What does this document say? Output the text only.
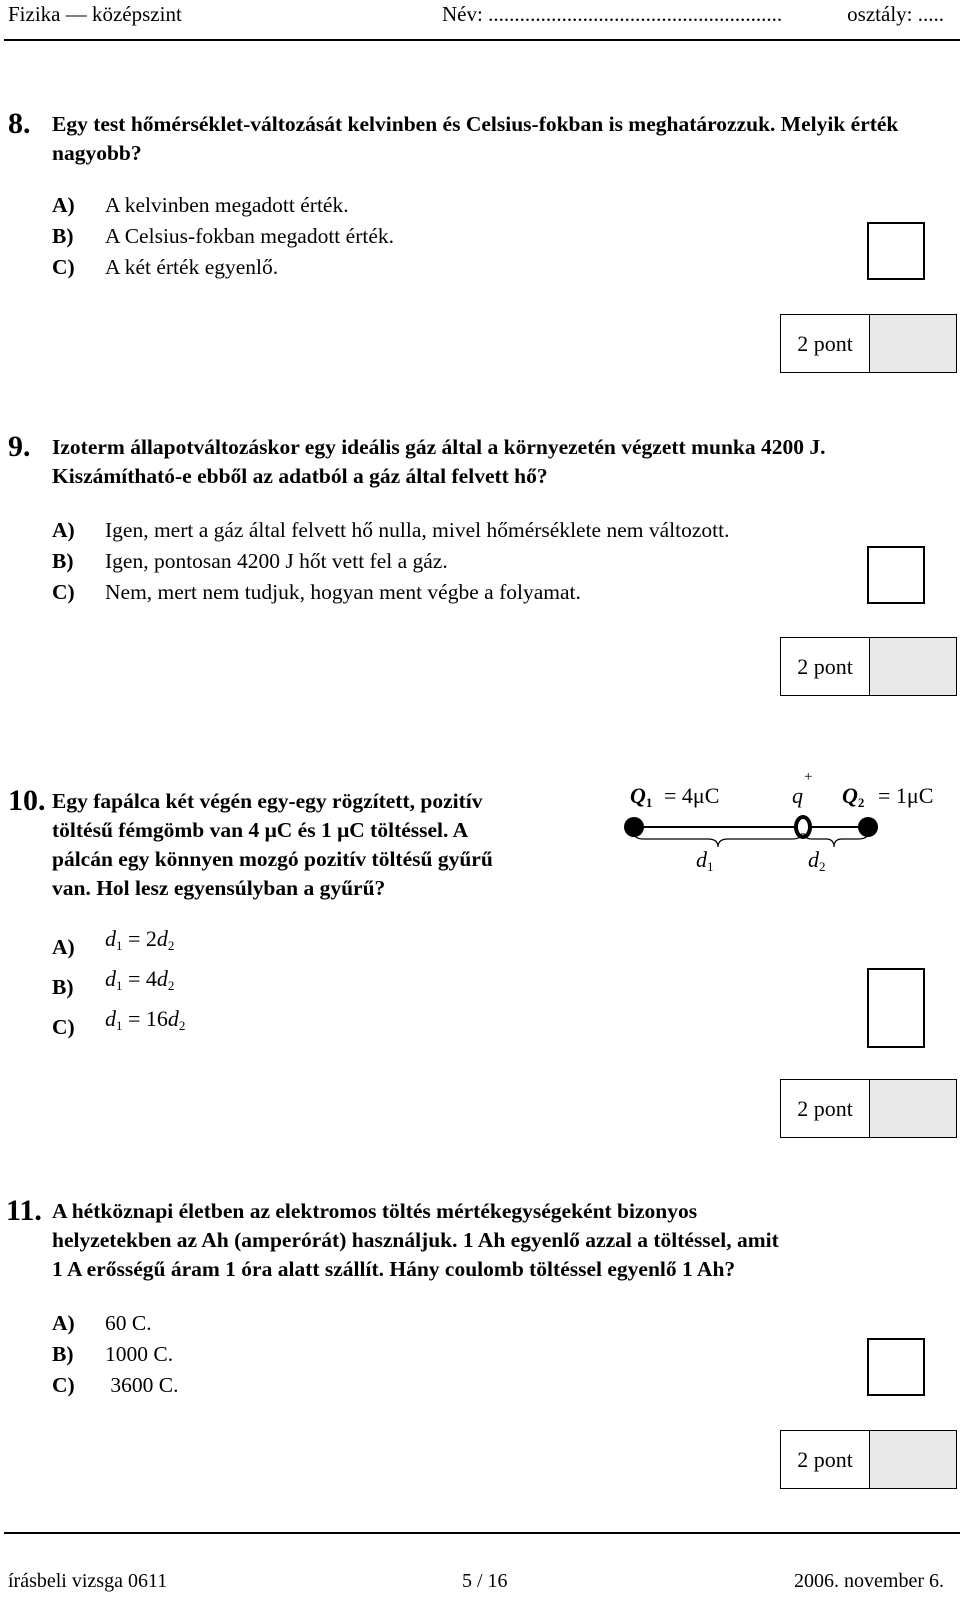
Fizika — középszint	Név: ........................................................	osztály: .....
8. Egy test hőmérséklet-változását kelvinben és Celsius-fokban is meghatározzuk. Melyik érték nagyobb?
A) A kelvinben megadott érték.
B) A Celsius-fokban megadott érték.
C) A két érték egyenlő.
2 pont
9. Izoterm állapotváltozáskor egy ideális gáz által a környezetén végzett munka 4200 J. Kiszámítható-e ebből az adatból a gáz által felvett hő?
A) Igen, mert a gáz által felvett hő nulla, mivel hőmérséklete nem változott.
B) Igen, pontosan 4200 J hőt vett fel a gáz.
C) Nem, mert nem tudjuk, hogyan ment végbe a folyamat.
2 pont
10. Egy fapálca két végén egy-egy rögzített, pozitív
töltésű fémgömb van 4 μC és 1 μC töltéssel. A
pálcán egy könnyen mozgó pozitív töltésű gyűrű
van. Hol lesz egyensúlyban a gyűrű?
$Q_1 = 4\mu C$	q
+
$Q_2 = 1\mu C$
$d_1$	$d_2$
A) $d_1 = 2d_2$
B) $d_1 = 4d_2$
C) $d_1 = 16d_2$
2 pont
11. A hétköznapi életben az elektromos töltés mértékegységeként bizonyos
helyzetekben az Ah (amperórát) használjuk. 1 Ah egyenlő azzal a töltéssel, amit
1 A erősségű áram 1 óra alatt szállít. Hány coulomb töltéssel egyenlő 1 Ah?
A) 60 C.
B) 1000 C.
C) 3600 C.
2 pont
írásbeli vizsga 0611	5 / 16	2006. november 6.
